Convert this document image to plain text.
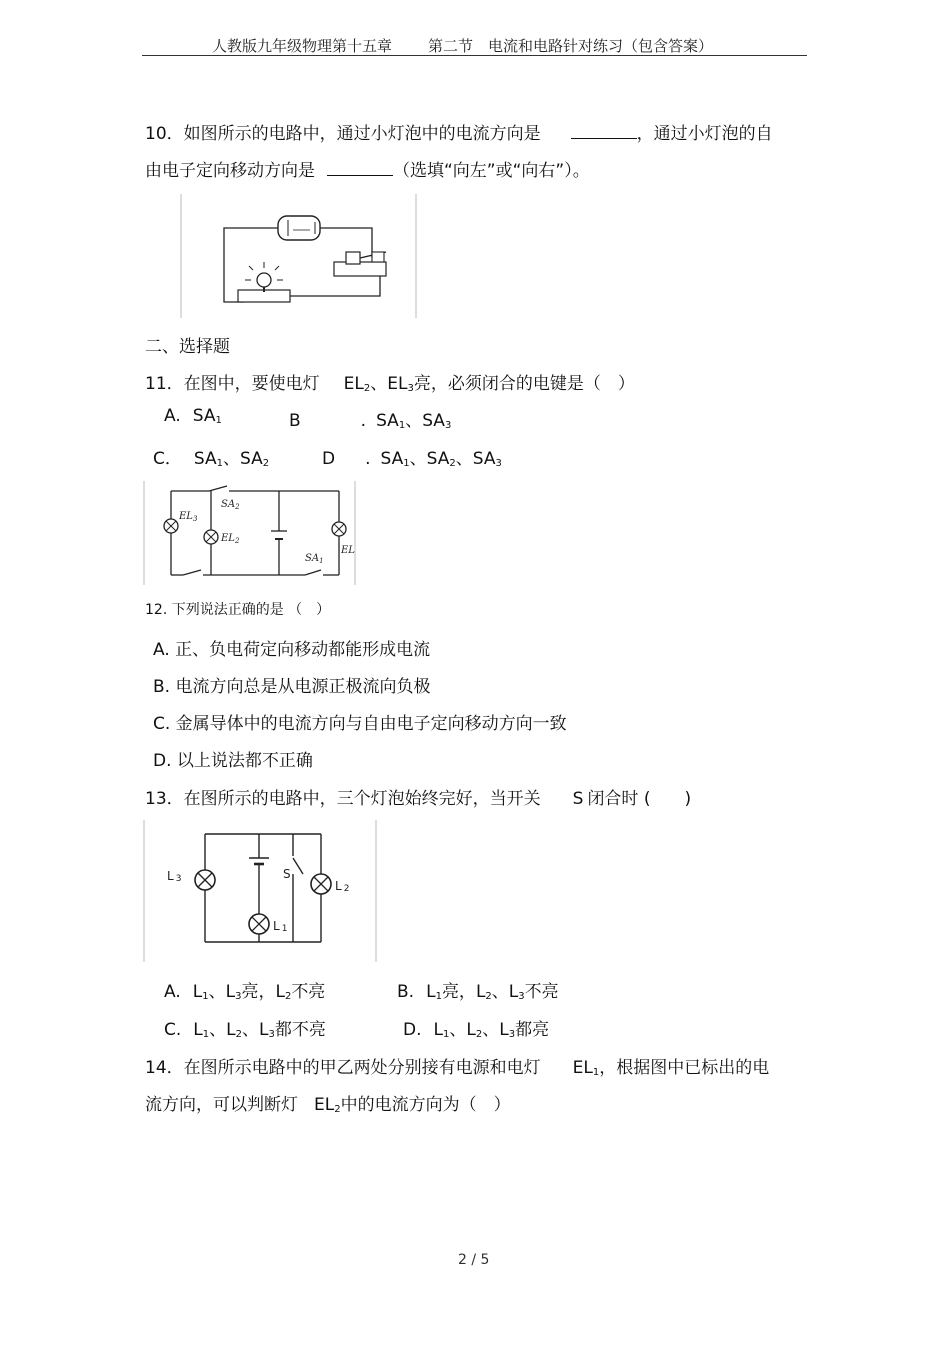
人教版九年级物理第十五章 第二节　电流和电路针对练习（包含答案）
10．如图所示的电路中，通过小灯泡中的电流方向是	，通过小灯泡的自
由电子定向移动方向是	（选填“向左”或“向右”）。
二、选择题
11．在图中，要使电灯 $EL_2$、$EL_3$亮，必须闭合的电键是（　）
A. $SA_1$	B	. $SA_1$、$SA_3$
C． $SA_1$、$SA_2$	D . $SA_1$、$SA_2$、$SA_3$
$EL_3$
$SA_2$
$EL_2$
$SA_1$
EL
12. 下列说法正确的是 （　）
A. 正、负电荷定向移动都能形成电流
B. 电流方向总是从电源正极流向负极
C. 金属导体中的电流方向与自由电子定向移动方向一致
D. 以上说法都不正确
13．在图所示的电路中，三个灯泡始终完好，当开关 S 闭合时 (　　)
L 3	S
L 2
L 1
A. $L_1$、$L_3$亮，$L_2$不亮	B. $L_1$亮，$L_2$、$L_3$不亮
C. $L_1$、$L_2$、$L_3$都不亮	D. $L_1$、$L_2$、$L_3$都亮
14．在图所示电路中的甲乙两处分别接有电源和电灯 $EL_1$，根据图中已标出的电
流方向，可以判断灯 $EL_2$中的电流方向为（　）
2 / 5
